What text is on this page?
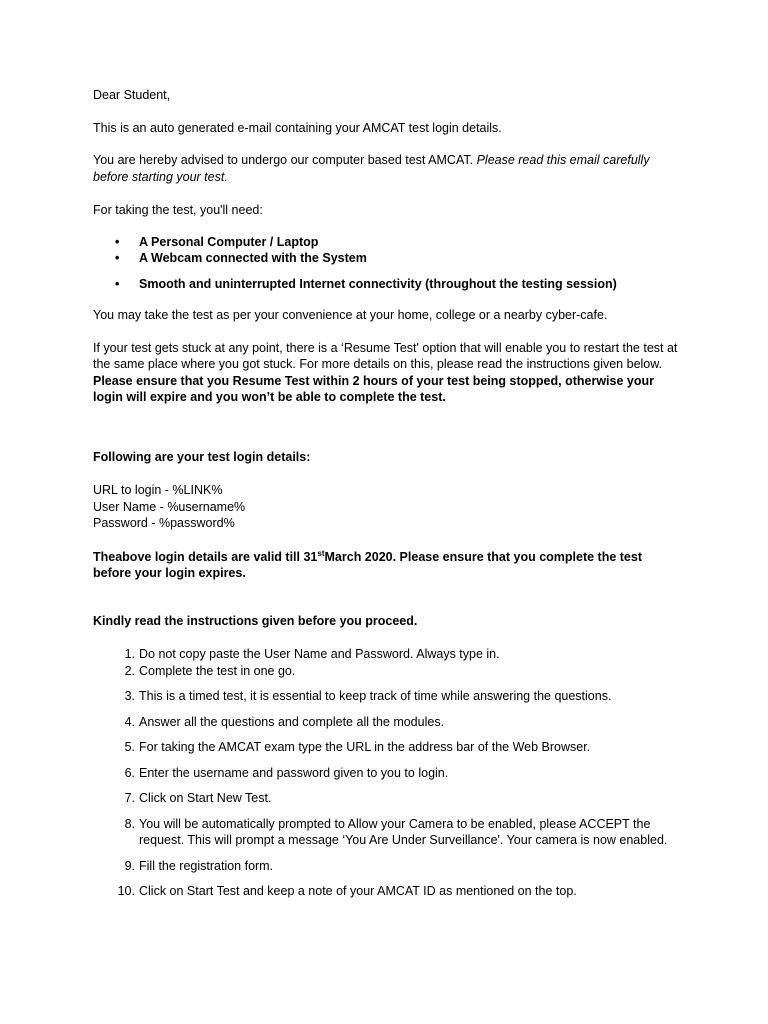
Dear Student,

This is an auto generated e-mail containing your AMCAT test login details.

You are hereby advised to undergo our computer based test AMCAT. Please read this email carefully before starting your test.

For taking the test, you'll need:

• A Personal Computer / Laptop
• A Webcam connected with the System
• Smooth and uninterrupted Internet connectivity (throughout the testing session)

You may take the test as per your convenience at your home, college or a nearby cyber-cafe.

If your test gets stuck at any point, there is a ‘Resume Test' option that will enable you to restart the test at the same place where you got stuck. For more details on this, please read the instructions given below. Please ensure that you Resume Test within 2 hours of your test being stopped, otherwise your login will expire and you won’t be able to complete the test.

Following are your test login details:

URL to login - %LINK%

User Name - %username%

Password - %password%

Theabove login details are valid till 31stMarch 2020. Please ensure that you complete the test before your login expires.

Kindly read the instructions given before you proceed.

1. Do not copy paste the User Name and Password. Always type in.
2. Complete the test in one go.
3. This is a timed test, it is essential to keep track of time while answering the questions.
4. Answer all the questions and complete all the modules.
5. For taking the AMCAT exam type the URL in the address bar of the Web Browser.
6. Enter the username and password given to you to login.
7. Click on Start New Test.
8. You will be automatically prompted to Allow your Camera to be enabled, please ACCEPT the request. This will prompt a message ‘You Are Under Surveillance'. Your camera is now enabled.
9. Fill the registration form.
10. Click on Start Test and keep a note of your AMCAT ID as mentioned on the top.
